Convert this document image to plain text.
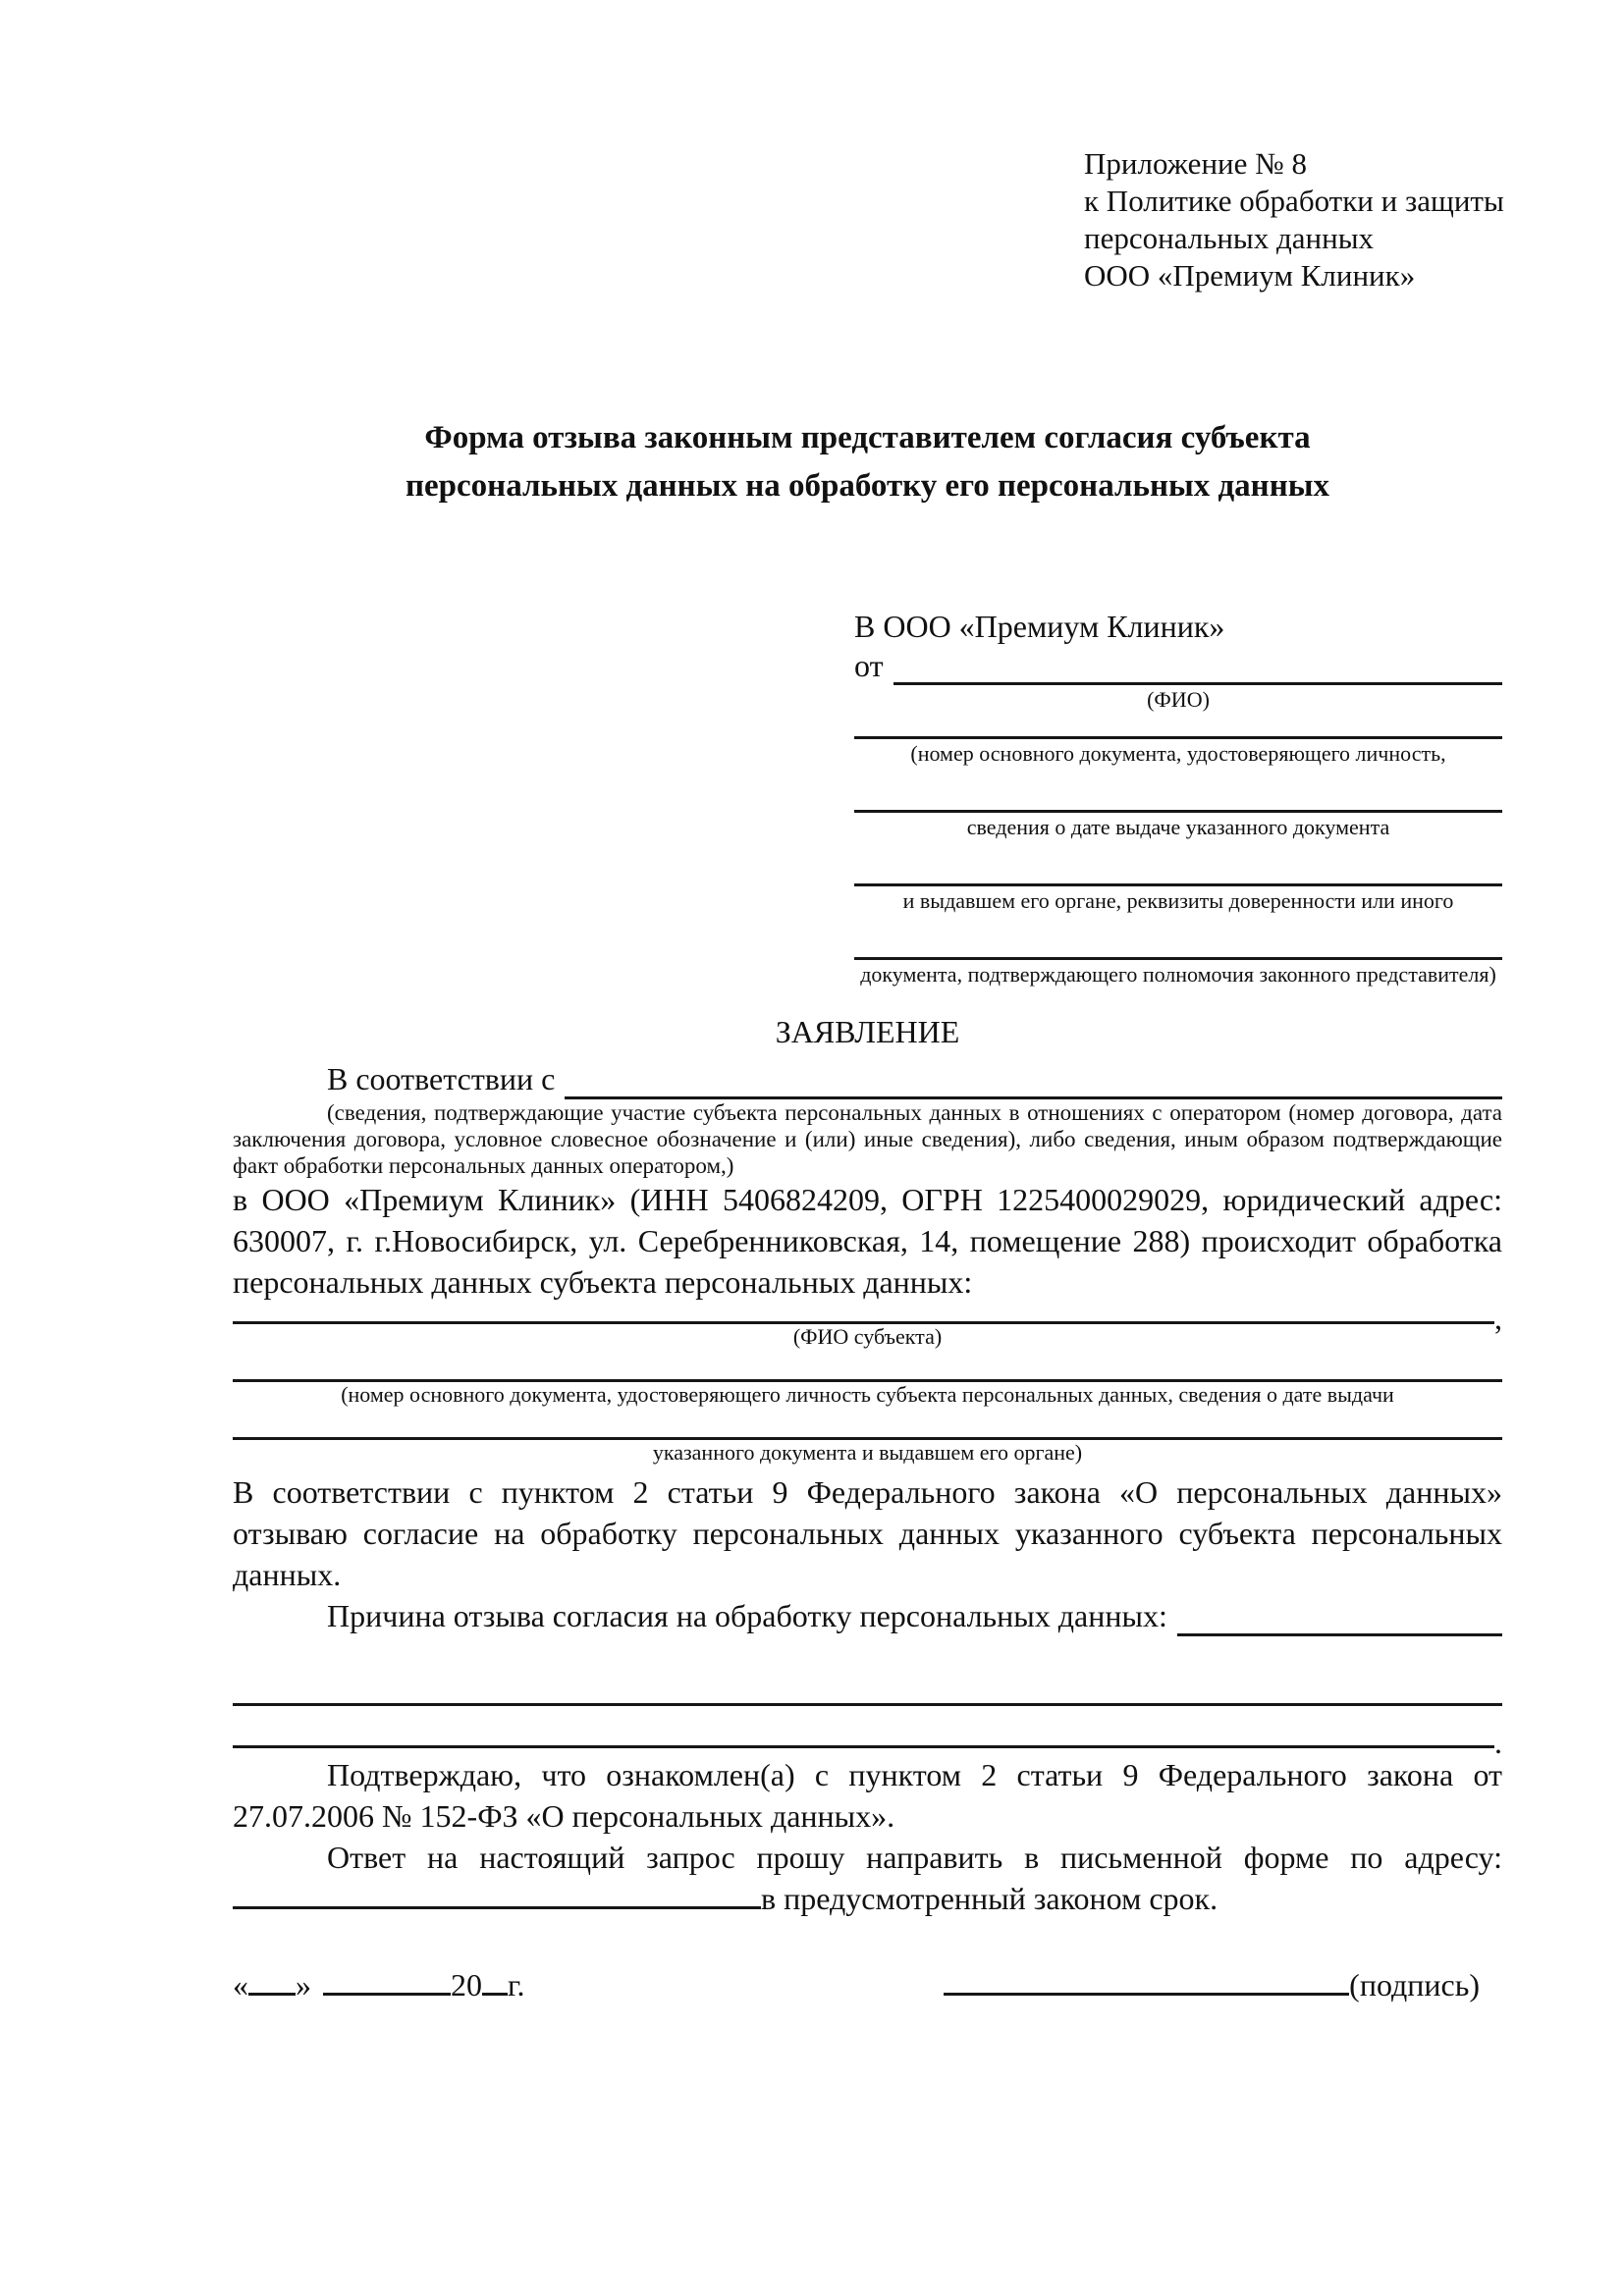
Приложение № 8
к Политике обработки и защиты
персональных данных
ООО «Премиум Клиник»
Форма отзыва законным представителем согласия субъекта
персональных данных на обработку его персональных данных
В ООО «Премиум Клиник»
от
(ФИО)
(номер основного документа, удостоверяющего личность,
сведения о дате выдаче указанного документа
и выдавшем его органе, реквизиты доверенности или иного
документа, подтверждающего полномочия законного представителя)
ЗАЯВЛЕНИЕ
В соответствии с

(сведения, подтверждающие участие субъекта персональных данных в отношениях с оператором (номер договора, дата заключения договора, условное словесное обозначение и (или) иные сведения), либо сведения, иным образом подтверждающие факт обработки персональных данных оператором,)

в ООО «Премиум Клиник» (ИНН 5406824209, ОГРН 1225400029029, юридический адрес: 630007, г. г.Новосибирск, ул. Серебренниковская, 14, помещение 288) происходит обработка персональных данных субъекта персональных данных:

,
(ФИО субъекта)
(номер основного документа, удостоверяющего личность субъекта персональных данных, сведения о дате выдачи
указанного документа и выдавшем его органе)

В соответствии с пунктом 2 статьи 9 Федерального закона «О персональных данных» отзываю согласие на обработку персональных данных указанного субъекта персональных данных.

Причина отзыва согласия на обработку персональных данных:
.

Подтверждаю, что ознакомлен(а) с пунктом 2 статьи 9 Федерального закона от 27.07.2006 № 152-ФЗ «О персональных данных».

Ответ на настоящий запрос прошу направить в письменной форме по адресу: в предусмотренный законом срок.

« »	20 г.	(подпись)
